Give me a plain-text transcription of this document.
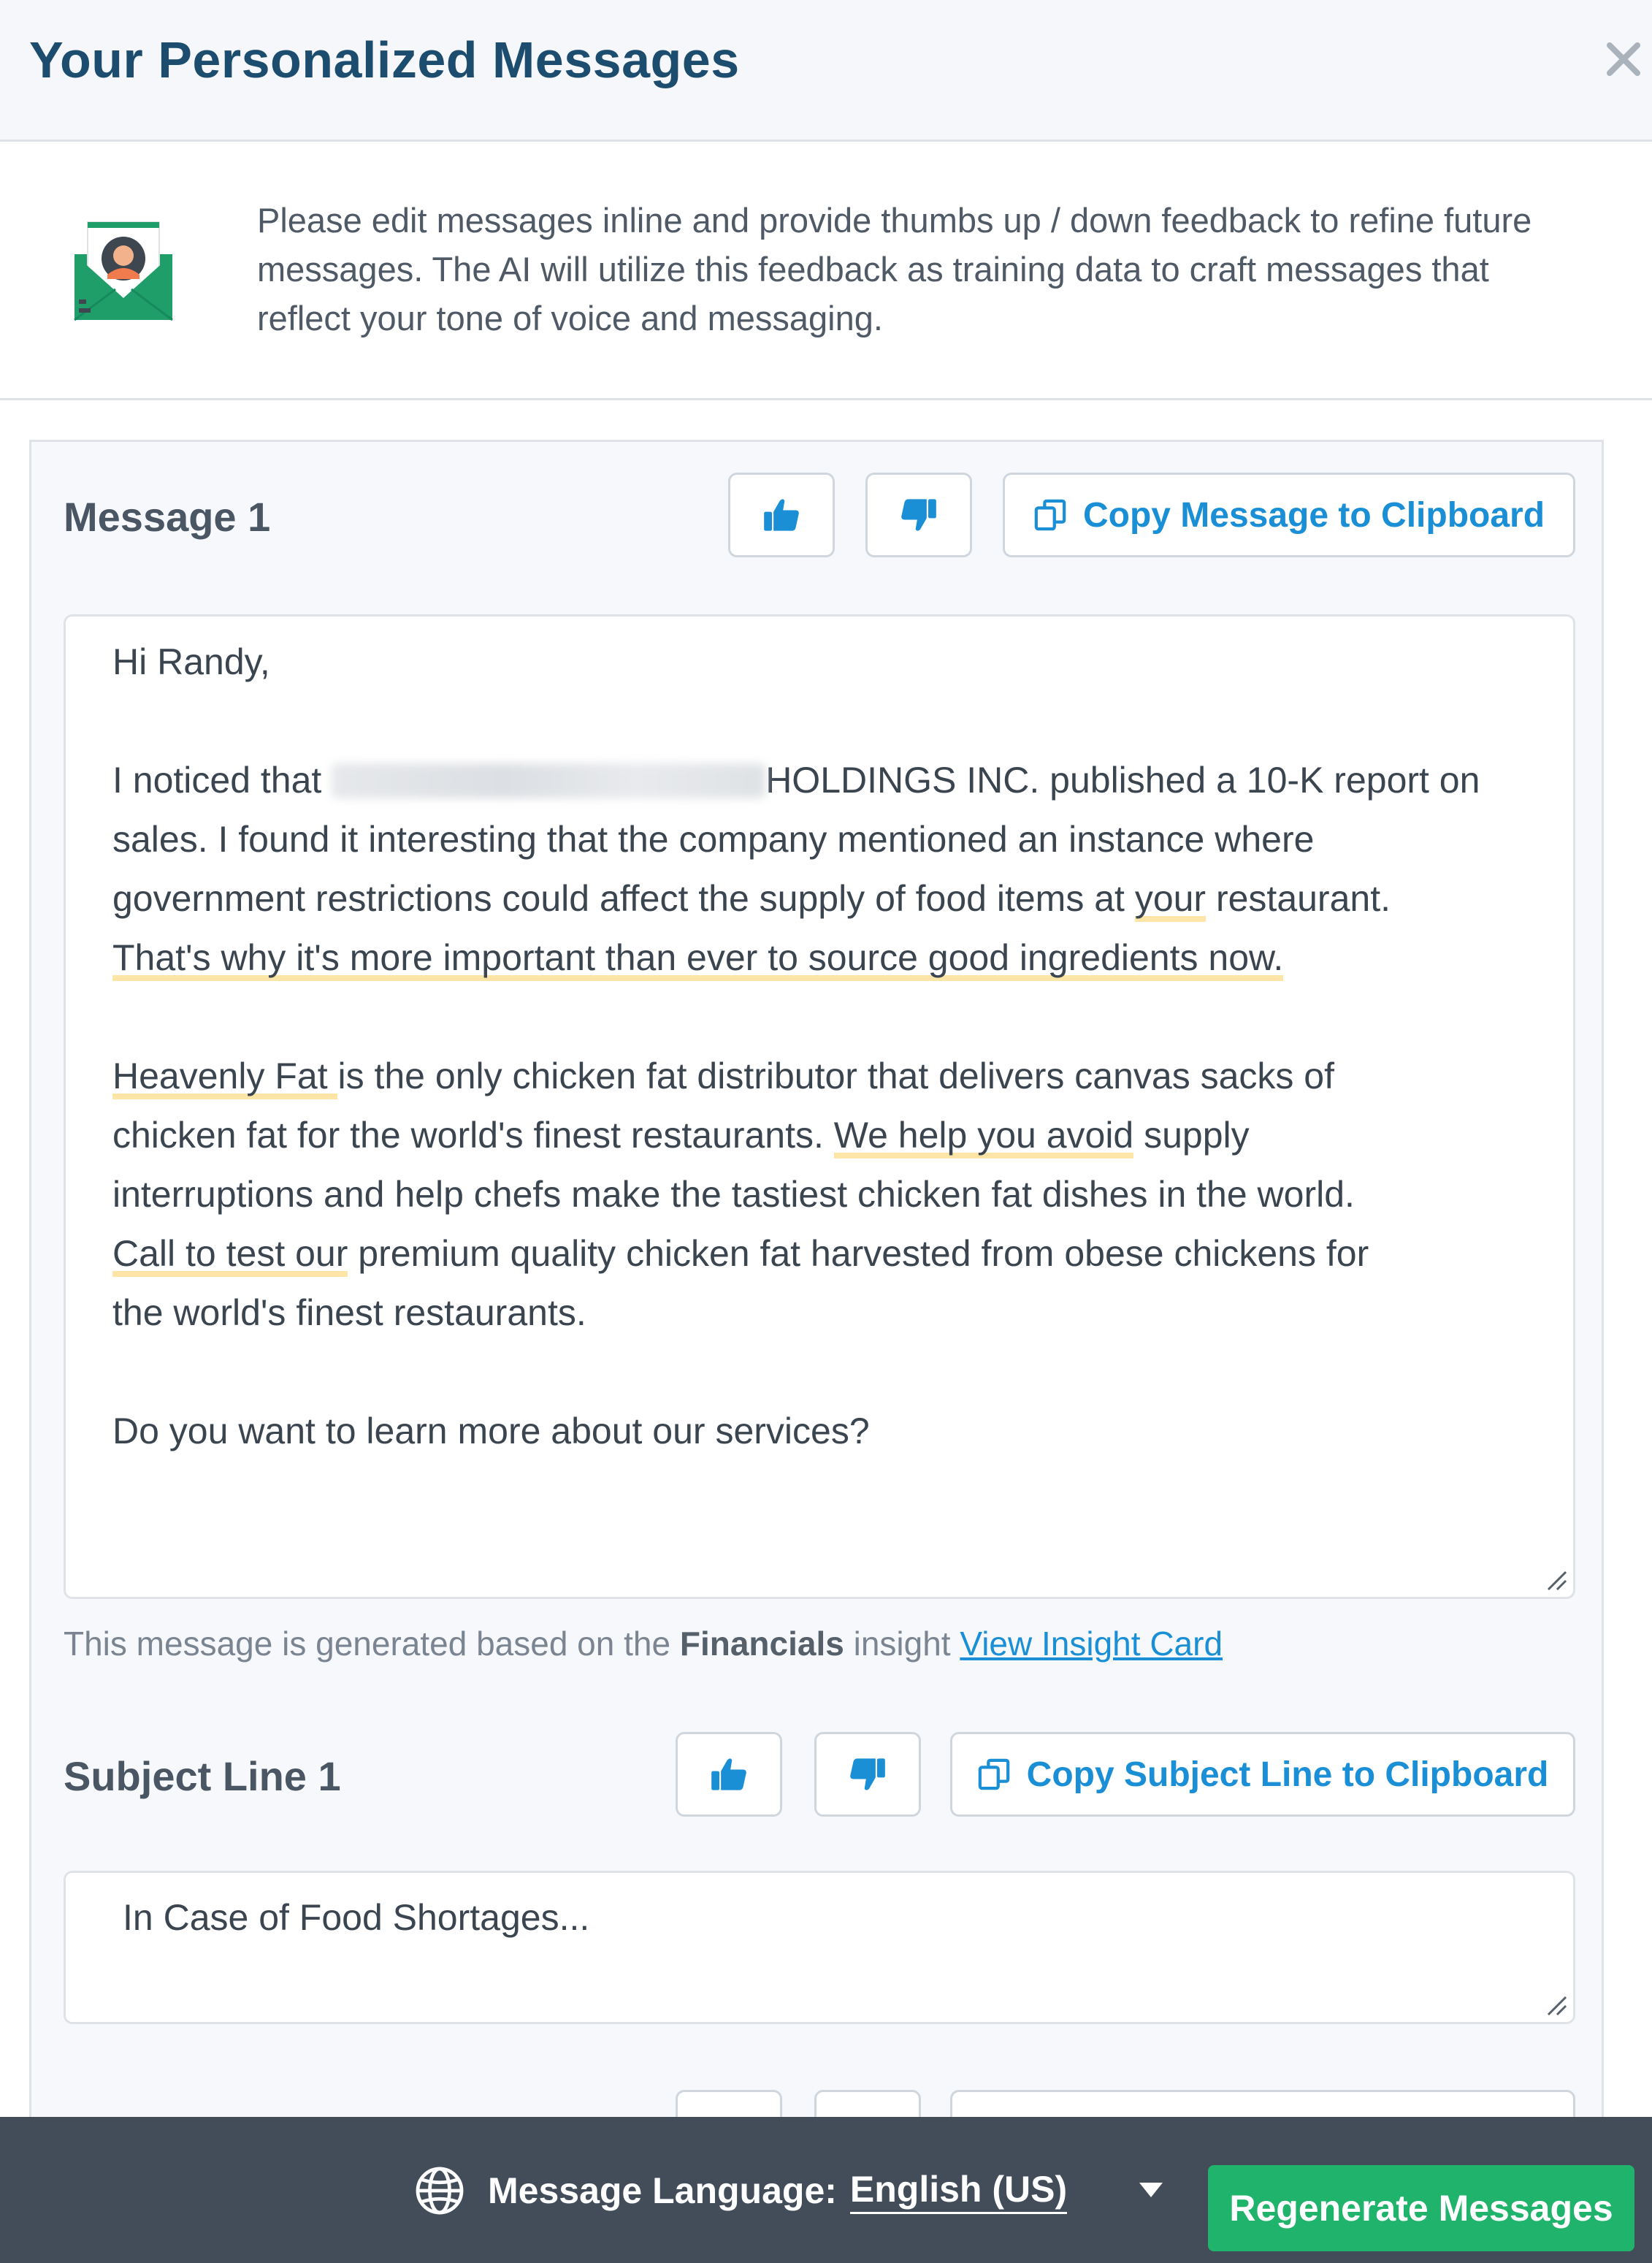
Your Personalized Messages

Please edit messages inline and provide thumbs up / down feedback to refine future messages. The AI will utilize this feedback as training data to craft messages that reflect your tone of voice and messaging.

Message 1	Copy Message to Clipboard
Hi Randy,
I noticed that	HOLDINGS INC. published a 10-K report on
sales. I found it interesting that the company mentioned an instance where
government restrictions could affect the supply of food items at your restaurant.
That's why it's more important than ever to source good ingredients now.
Heavenly Fat is the only chicken fat distributor that delivers canvas sacks of
chicken fat for the world's finest restaurants. We help you avoid supply
interruptions and help chefs make the tastiest chicken fat dishes in the world.
Call to test our premium quality chicken fat harvested from obese chickens for
the world's finest restaurants.
Do you want to learn more about our services?
This message is generated based on the Financials insight View Insight Card
Subject Line 1	Copy Subject Line to Clipboard
In Case of Food Shortages...
Message Language: English (US)	Regenerate Messages
